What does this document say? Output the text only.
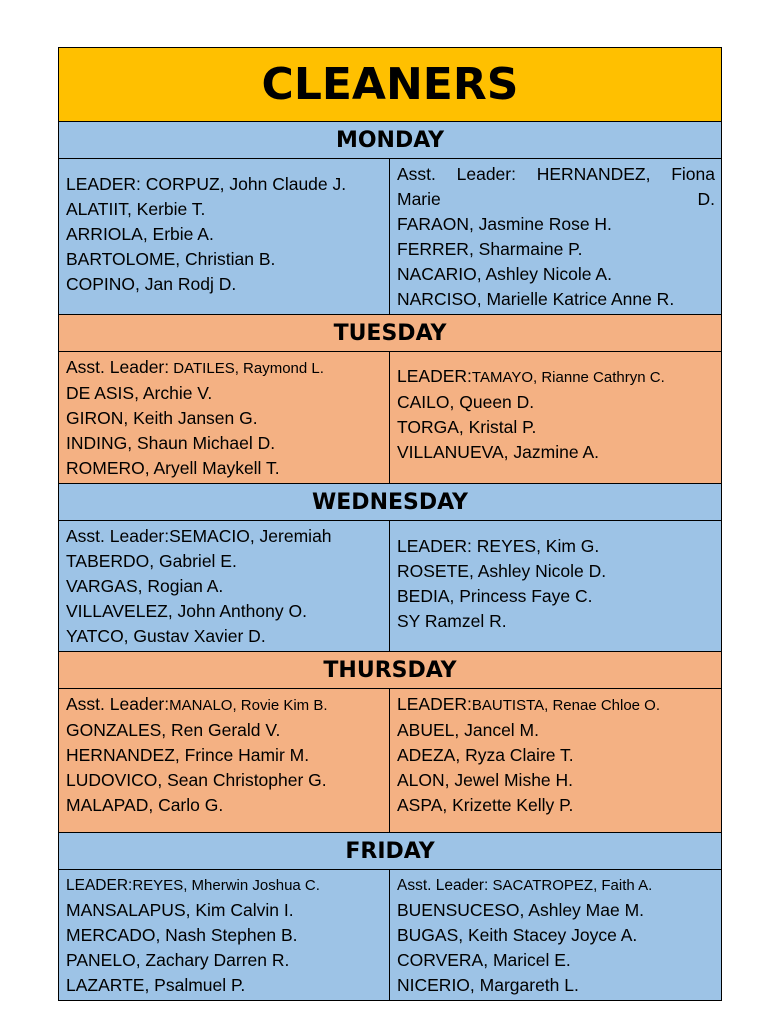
CLEANERS
MONDAY
LEADER: CORPUZ, John Claude J.
ALATIIT, Kerbie T.
ARRIOLA, Erbie A.
BARTOLOME, Christian B.
COPINO, Jan Rodj D.
Asst. Leader: HERNANDEZ, Fiona Marie D.
FARAON, Jasmine Rose H.
FERRER, Sharmaine P.
NACARIO, Ashley Nicole A.
NARCISO, Marielle Katrice Anne R.
TUESDAY
Asst. Leader: DATILES, Raymond L.
DE ASIS, Archie V.
GIRON, Keith Jansen G.
INDING, Shaun Michael D.
ROMERO, Aryell Maykell T.
LEADER:TAMAYO, Rianne Cathryn C.
CAILO, Queen D.
TORGA, Kristal P.
VILLANUEVA, Jazmine A.
WEDNESDAY
Asst. Leader:SEMACIO, Jeremiah
TABERDO, Gabriel E.
VARGAS, Rogian A.
VILLAVELEZ, John Anthony O.
YATCO, Gustav Xavier D.
LEADER: REYES, Kim G.
ROSETE, Ashley Nicole D.
BEDIA, Princess Faye C.
SY Ramzel R.
THURSDAY
Asst. Leader:MANALO, Rovie Kim B.
GONZALES, Ren Gerald V.
HERNANDEZ, Frince Hamir M.
LUDOVICO, Sean Christopher G.
MALAPAD, Carlo G.
LEADER:BAUTISTA, Renae Chloe O.
ABUEL, Jancel M.
ADEZA, Ryza Claire T.
ALON, Jewel Mishe H.
ASPA, Krizette Kelly P.
FRIDAY
LEADER:REYES, Mherwin Joshua C.
MANSALAPUS, Kim Calvin I.
MERCADO, Nash Stephen B.
PANELO, Zachary Darren R.
LAZARTE, Psalmuel P.
Asst. Leader: SACATROPEZ, Faith A.
BUENSUCESO, Ashley Mae M.
BUGAS, Keith Stacey Joyce A.
CORVERA, Maricel E.
NICERIO, Margareth L.
